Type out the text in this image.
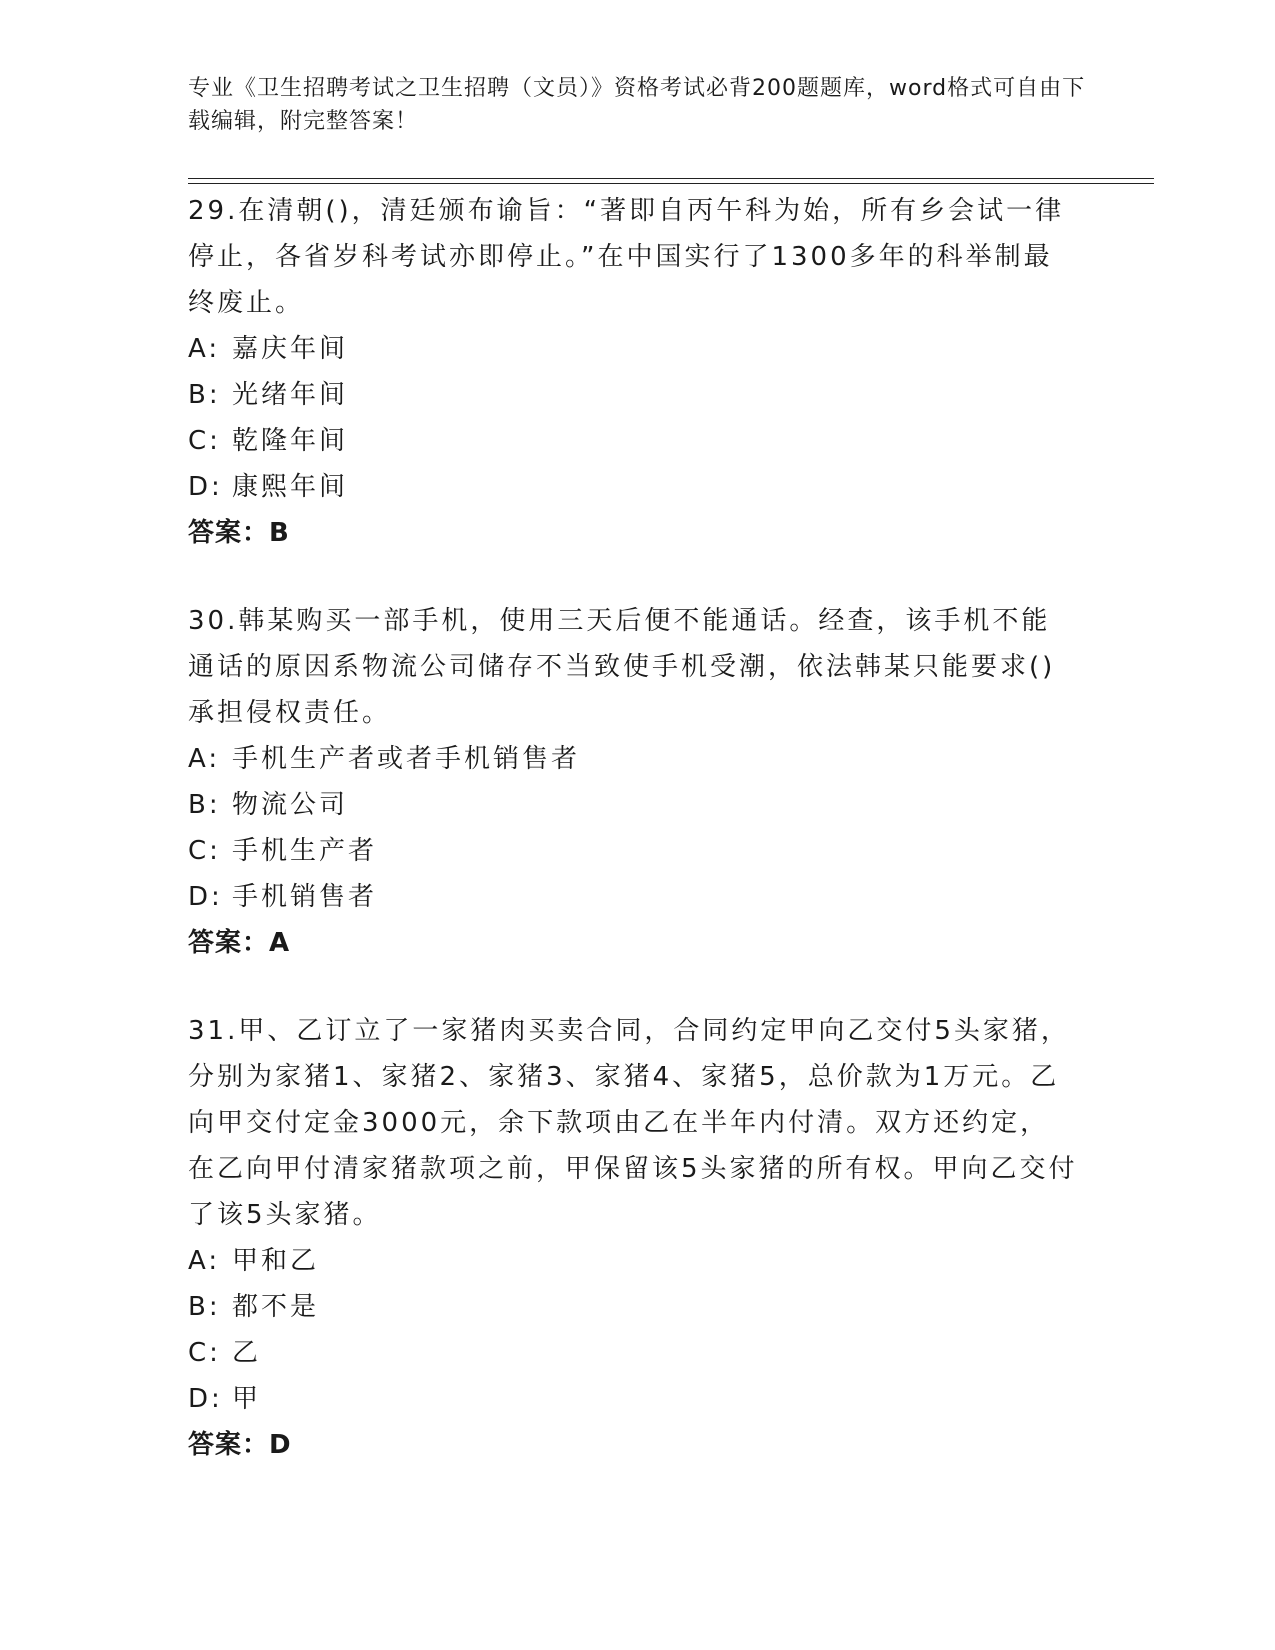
专业《卫生招聘考试之卫生招聘（文员）》资格考试必背200题题库，word格式可自由下载编辑，附完整答案！

29.在清朝()，清廷颁布谕旨：“著即自丙午科为始，所有乡会试一律停止，各省岁科考试亦即停止。”在中国实行了1300多年的科举制最终废止。

A: 嘉庆年间
B: 光绪年间
C: 乾隆年间
D: 康熙年间
答案：B

30.韩某购买一部手机，使用三天后便不能通话。经查，该手机不能通话的原因系物流公司储存不当致使手机受潮，依法韩某只能要求()承担侵权责任。

A: 手机生产者或者手机销售者
B: 物流公司
C: 手机生产者
D: 手机销售者
答案：A

31.甲、乙订立了一家猪肉买卖合同，合同约定甲向乙交付5头家猪，分别为家猪1、家猪2、家猪3、家猪4、家猪5，总价款为1万元。乙向甲交付定金3000元，余下款项由乙在半年内付清。双方还约定，在乙向甲付清家猪款项之前，甲保留该5头家猪的所有权。甲向乙交付了该5头家猪。

A: 甲和乙
B: 都不是
C: 乙
D: 甲
答案：D
